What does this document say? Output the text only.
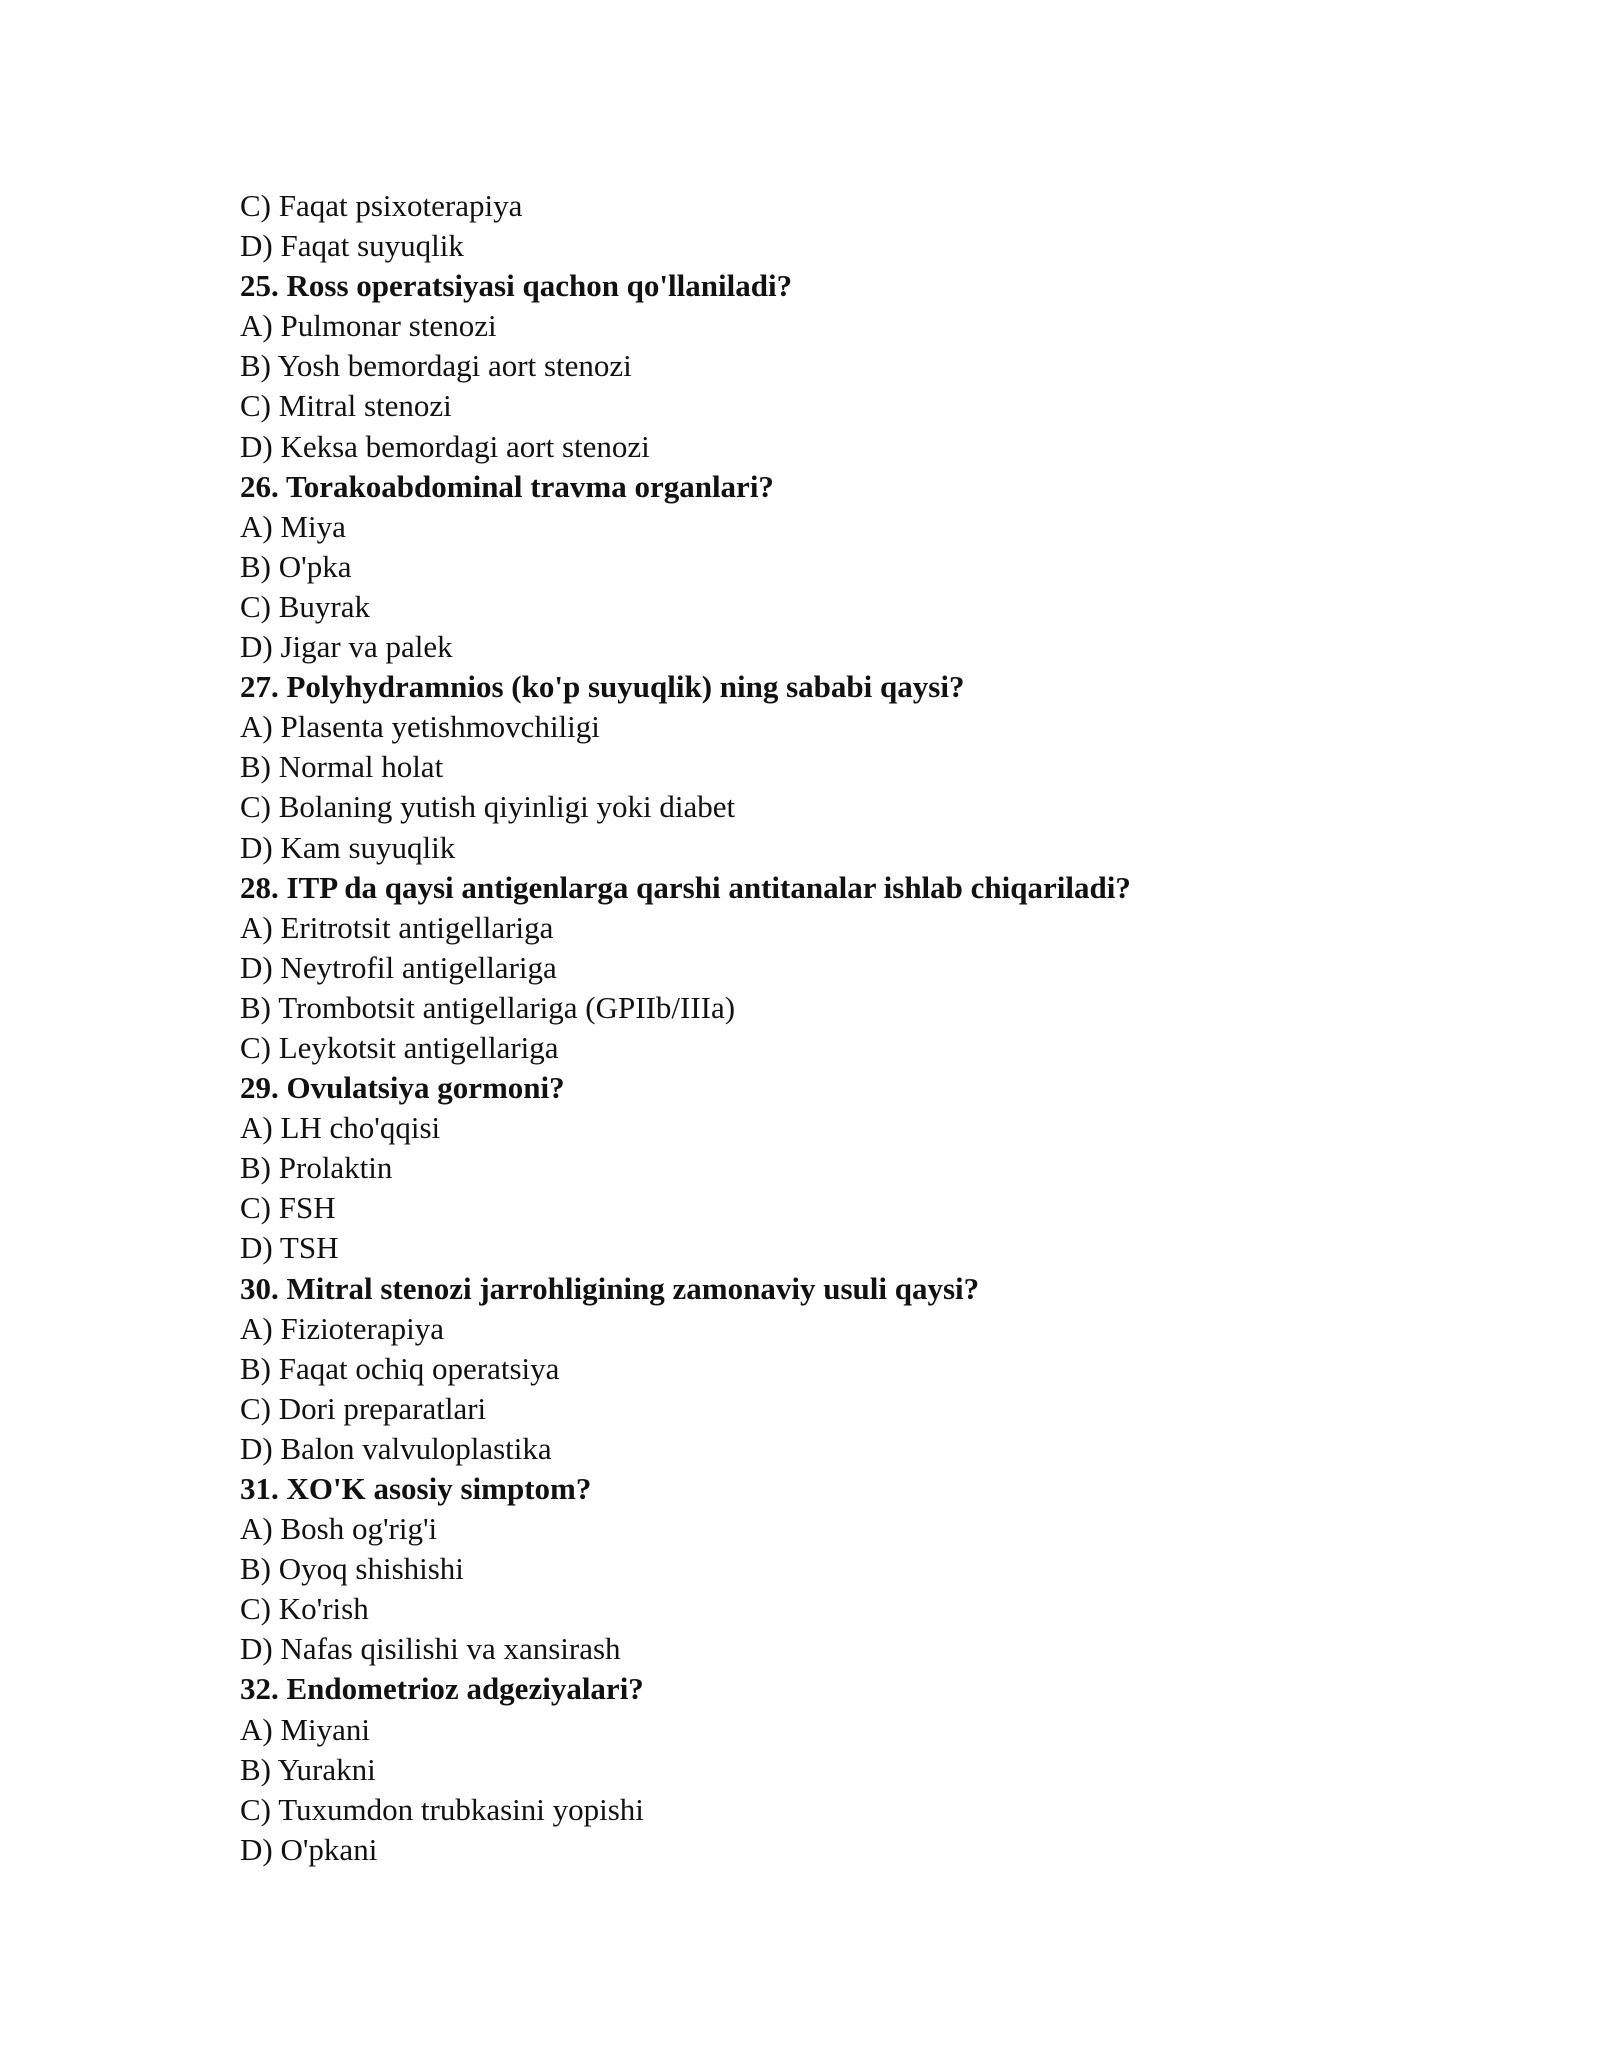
C) Faqat psixoterapiya
D) Faqat suyuqlik
25. Ross operatsiyasi qachon qo'llaniladi?
A) Pulmonar stenozi
B) Yosh bemordagi aort stenozi
C) Mitral stenozi
D) Keksa bemordagi aort stenozi
26. Torakoabdominal travma organlari?
A) Miya
B) O'pka
C) Buyrak
D) Jigar va palek
27. Polyhydramnios (ko'p suyuqlik) ning sababi qaysi?
A) Plasenta yetishmovchiligi
B) Normal holat
C) Bolaning yutish qiyinligi yoki diabet
D) Kam suyuqlik
28. ITP da qaysi antigenlarga qarshi antitanalar ishlab chiqariladi?
A) Eritrotsit antigellariga
D) Neytrofil antigellariga
B) Trombotsit antigellariga (GPIIb/IIIa)
C) Leykotsit antigellariga
29. Ovulatsiya gormoni?
A) LH cho'qqisi
B) Prolaktin
C) FSH
D) TSH
30. Mitral stenozi jarrohligining zamonaviy usuli qaysi?
A) Fizioterapiya
B) Faqat ochiq operatsiya
C) Dori preparatlari
D) Balon valvuloplastika
31. XO'K asosiy simptom?
A) Bosh og'rig'i
B) Oyoq shishishi
C) Ko'rish
D) Nafas qisilishi va xansirash
32. Endometrioz adgeziyalari?
A) Miyani
B) Yurakni
C) Tuxumdon trubkasini yopishi
D) O'pkani
